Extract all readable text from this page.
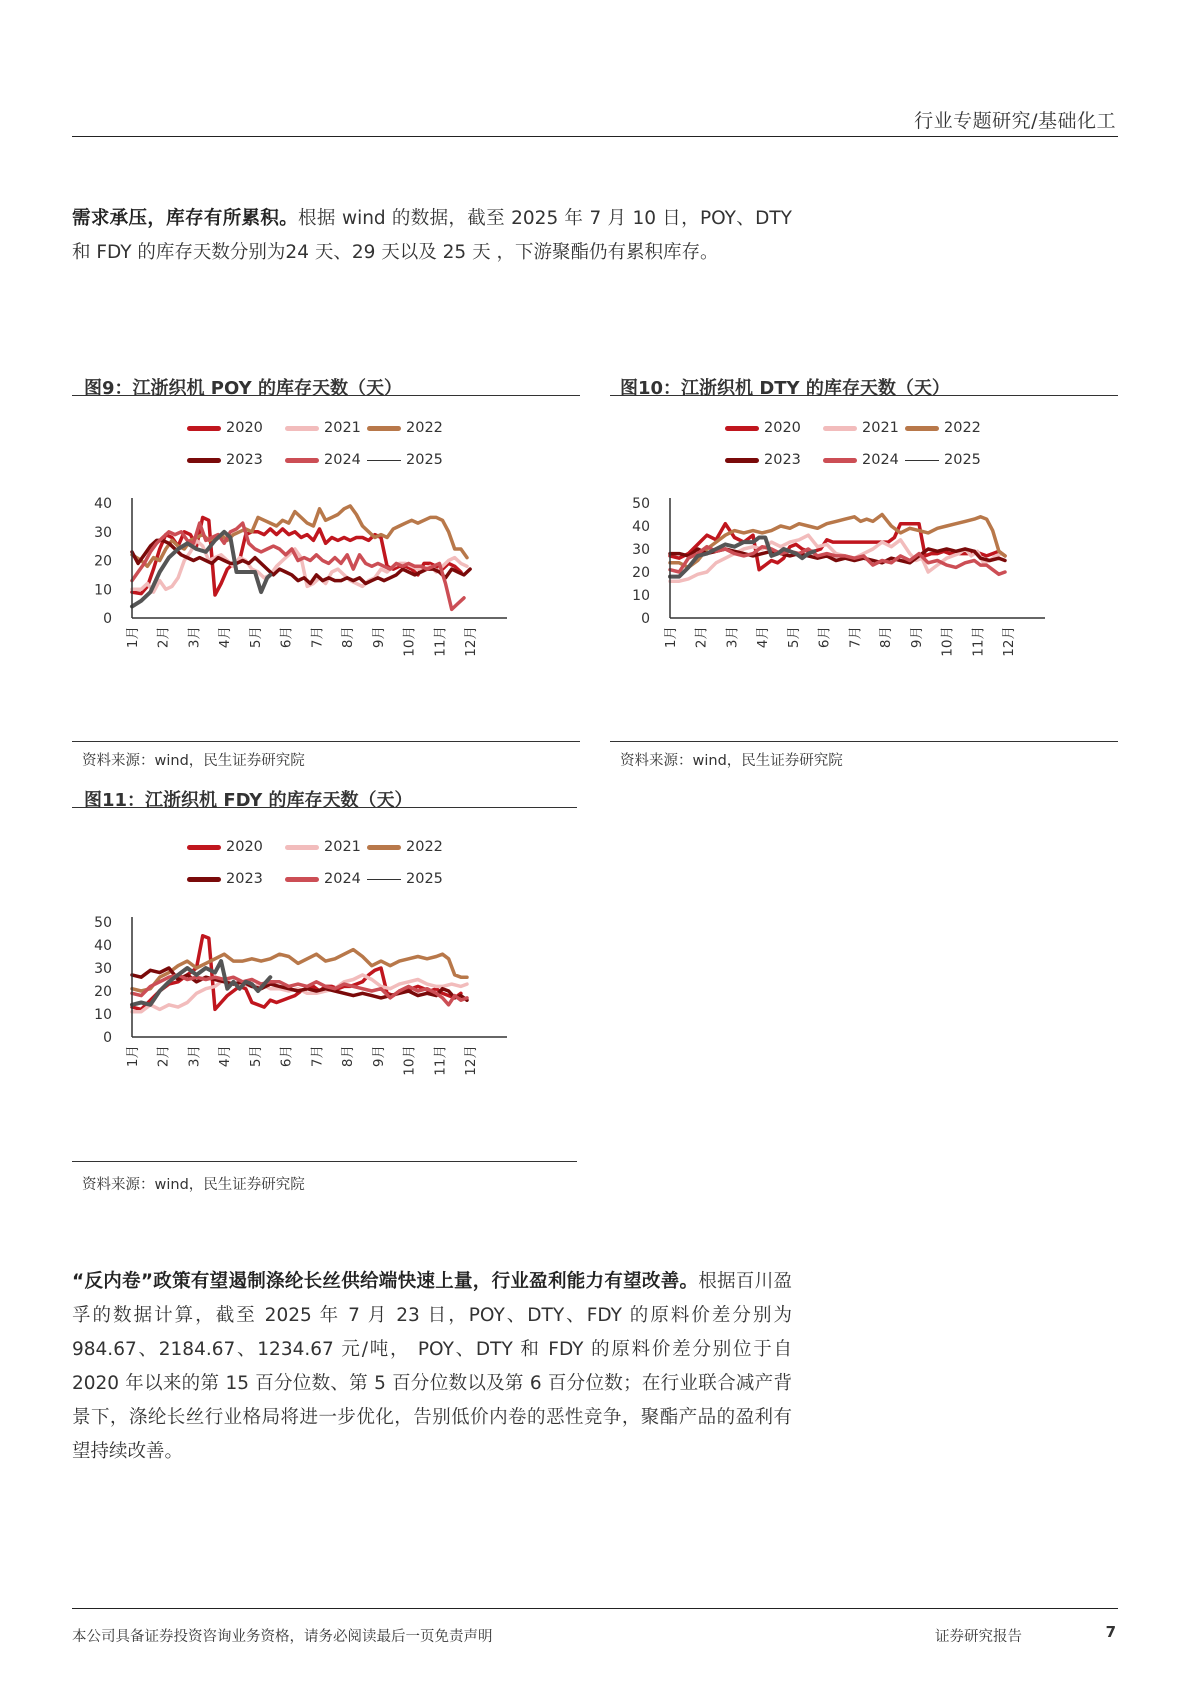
行业专题研究/基础化工

需求承压，库存有所累积。根据 wind 的数据，截至 2025 年 7 月 10 日，POY、DTY 和 FDY 的库存天数分别为24 天、29 天以及 25 天 ，下游聚酯仍有累积库存。

图9：江浙织机 POY 的库存天数（天）
2020	2021	2022
2023	2024	2025
0
10
20
30
40
1月 2月 3月 4月 5月 6月 7月 8月 9月 10月 11月 12月
资料来源：wind，民生证券研究院
图10：江浙织机 DTY 的库存天数（天）
2020	2021	2022
2023	2024	2025
0
10
20
30
40
50
1月 2月 3月 4月 5月 6月 7月 8月 9月 10月 11月 12月
资料来源：wind，民生证券研究院
图11：江浙织机 FDY 的库存天数（天）
2020	2021	2022
2023	2024	2025
0
10
20
30
40
50
1月 2月 3月 4月 5月 6月 7月 8月 9月 10月 11月 12月
资料来源：wind，民生证券研究院

“反内卷”政策有望遏制涤纶长丝供给端快速上量，行业盈利能力有望改善。根据百川盈孚的数据计算，截至 2025 年 7 月 23 日，POY、DTY、FDY 的原料价差分别为 984.67、2184.67、1234.67 元/吨， POY、DTY 和 FDY 的原料价差分别位于自 2020 年以来的第 15 百分位数、第 5 百分位数以及第 6 百分位数；在行业联合减产背景下，涤纶长丝行业格局将进一步优化，告别低价内卷的恶性竞争，聚酯产品的盈利有望持续改善。

本公司具备证券投资咨询业务资格，请务必阅读最后一页免责声明	证券研究报告	7
